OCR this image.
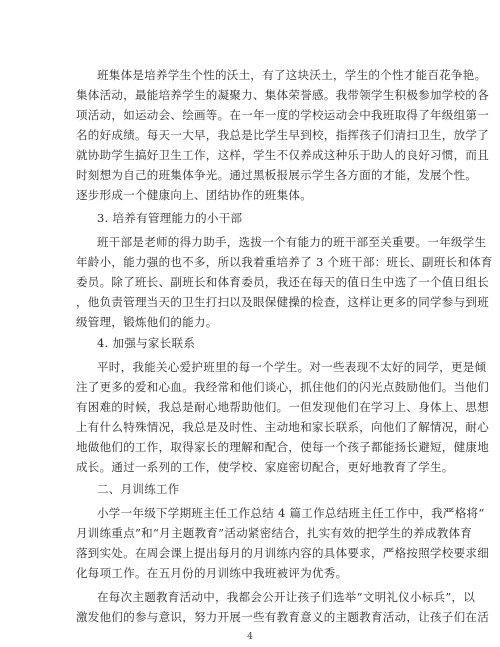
班集体是培养学生个性的沃土，有了这块沃土，学生的个性才能百花争艳。
集体活动，最能培养学生的凝聚力、集体荣誉感。我带领学生积极参加学校的各
项活动，如运动会、绘画等。在一年一度的学校运动会中我班取得了年级组第一
名的好成绩。每天一大早，我总是比学生早到校，指挥孩子们清扫卫生，放学了
就协助学生搞好卫生工作，这样，学生不仅养成这种乐于助人的良好习惯，而且
时刻想为自己的班集体争光。通过黑板报展示学生各方面的才能，发展个性。
逐步形成一个健康向上、团结协作的班集体。
3. 培养有管理能力的小干部
班干部是老师的得力助手，选拔一个有能力的班干部至关重要。一年级学生
年龄小，能力强的也不多，所以我着重培养了 3 个班干部：班长、副班长和体育
委员。除了班长、副班长和体育委员，我还在每天的值日生中选了一个值日组长
，他负责管理当天的卫生打扫以及眼保健操的检查，这样让更多的同学参与到班
级管理，锻炼他们的能力。
4. 加强与家长联系
平时，我能关心爱护班里的每一个学生。对一些表现不太好的同学，更是倾
注了更多的爱和心血。我经常和他们谈心，抓住他们的闪光点鼓励他们。当他们
有困难的时候，我总是耐心地帮助他们。一但发现他们在学习上、身体上、思想
上有什么特殊情况，我总是及时性、主动地和家长联系，向他们了解情况，耐心
地做他们的工作，取得家长的理解和配合，使每一个孩子都能扬长避短，健康地
成长。通过一系列的工作，使学校、家庭密切配合，更好地教育了学生。
二、月训练工作
小学一年级下学期班主任工作总结 4 篇工作总结班主任工作中，我严格将“
月训练重点”和“月主题教育”活动紧密结合，扎实有效的把学生的养成教体育
落到实处。在周会课上提出每月的月训练内容的具体要求，严格按照学校要求细
化每项工作。在五月份的月训练中我班被评为优秀。
在每次主题教育活动中，我都会公开让孩子们选举“文明礼仪小标兵”，以
激发他们的参与意识，努力开展一些有教育意义的主题教育活动，让孩子们在活
4
